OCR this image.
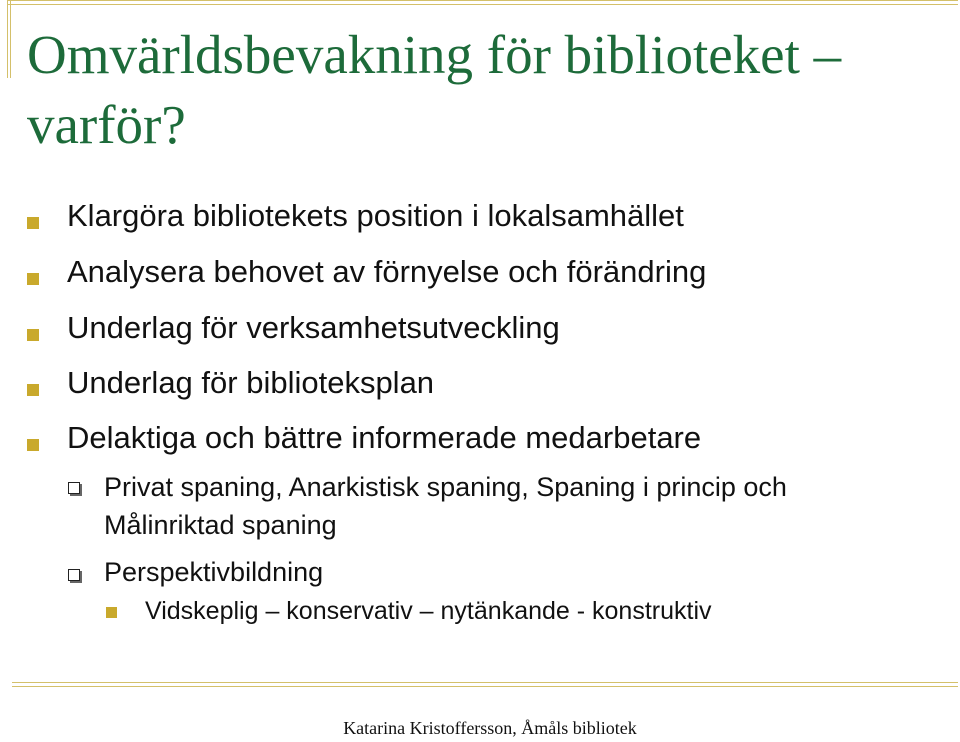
Omvärldsbevakning för biblioteket – varför?
Klargöra bibliotekets position i lokalsamhället
Analysera behovet av förnyelse och förändring
Underlag för verksamhetsutveckling
Underlag för biblioteksplan
Delaktiga och bättre informerade medarbetare
Privat spaning, Anarkistisk spaning, Spaning i princip och Målinriktad spaning
Perspektivbildning
Vidskeplig – konservativ – nytänkande - konstruktiv
Katarina Kristoffersson, Åmåls bibliotek
